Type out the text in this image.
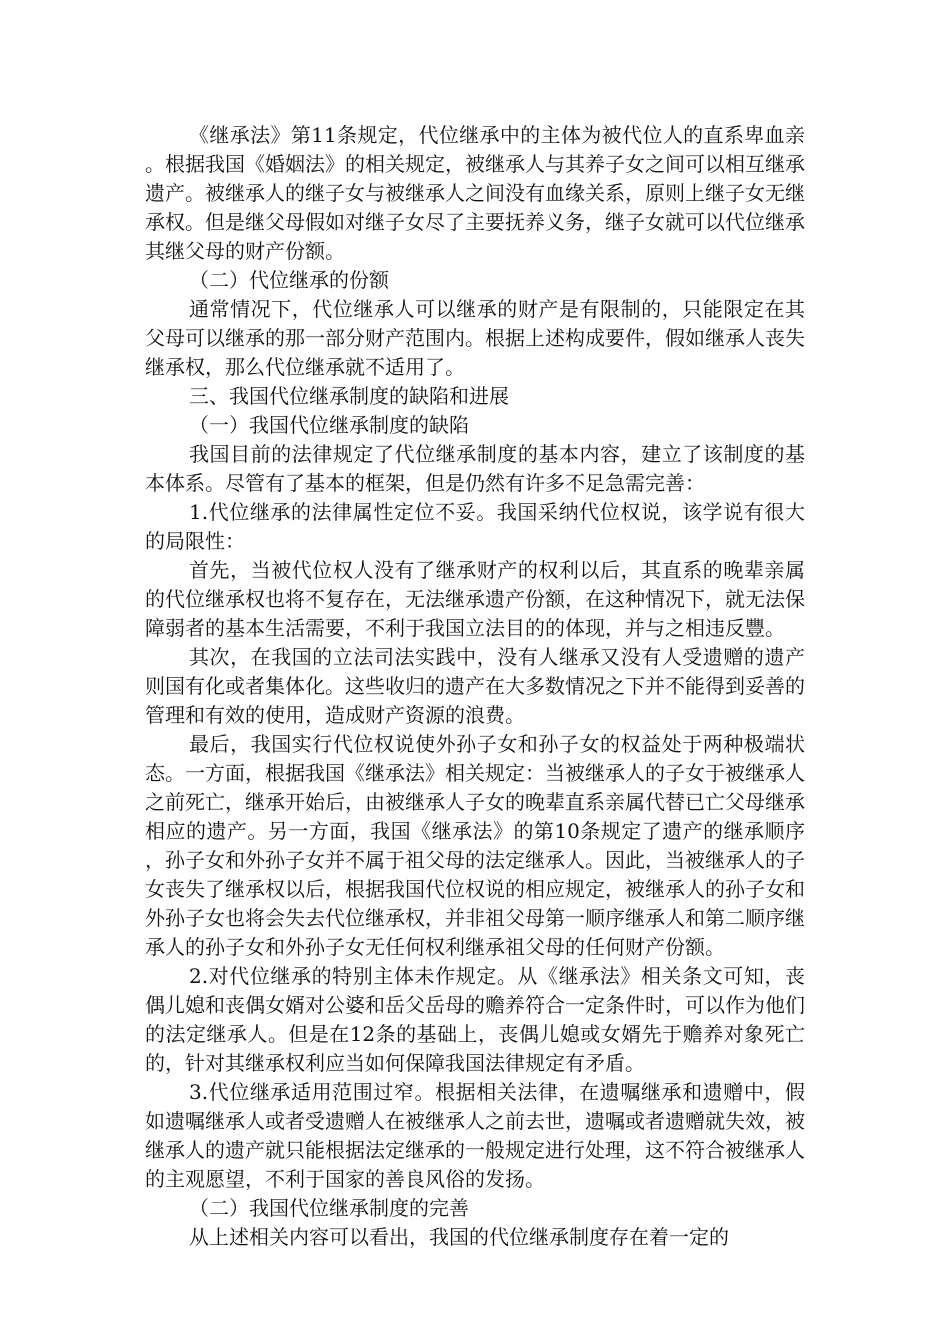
《继承法》第11条规定，代位继承中的主体为被代位人的直系卑血亲。根据我国《婚姻法》的相关规定，被继承人与其养子女之间可以相互继承遗产。被继承人的继子女与被继承人之间没有血缘关系，原则上继子女无继承权。但是继父母假如对继子女尽了主要抚养义务，继子女就可以代位继承其继父母的财产份额。

（二）代位继承的份额

通常情况下，代位继承人可以继承的财产是有限制的，只能限定在其父母可以继承的那一部分财产范围内。根据上述构成要件，假如继承人丧失继承权，那么代位继承就不适用了。

三、我国代位继承制度的缺陷和进展

（一）我国代位继承制度的缺陷

我国目前的法律规定了代位继承制度的基本内容，建立了该制度的基本体系。尽管有了基本的框架，但是仍然有许多不足急需完善：

1.代位继承的法律属性定位不妥。我国采纳代位权说，该学说有很大的局限性：

首先，当被代位权人没有了继承财产的权利以后，其直系的晚辈亲属的代位继承权也将不复存在，无法继承遗产份额，在这种情况下，就无法保障弱者的基本生活需要，不利于我国立法目的的体现，并与之相违反豐。

其次，在我国的立法司法实践中，没有人继承又没有人受遗赠的遗产则国有化或者集体化。这些收归的遗产在大多数情况之下并不能得到妥善的管理和有效的使用，造成财产资源的浪费。

最后，我国实行代位权说使外孙子女和孙子女的权益处于两种极端状态。一方面，根据我国《继承法》相关规定：当被继承人的子女于被继承人之前死亡，继承开始后，由被继承人子女的晚辈直系亲属代替已亡父母继承相应的遗产。另一方面，我国《继承法》的第10条规定了遗产的继承顺序，孙子女和外孙子女并不属于祖父母的法定继承人。因此，当被继承人的子女丧失了继承权以后，根据我国代位权说的相应规定，被继承人的孙子女和外孙子女也将会失去代位继承权，并非祖父母第一顺序继承人和第二顺序继承人的孙子女和外孙子女无任何权利继承祖父母的任何财产份额。

2.对代位继承的特别主体未作规定。从《继承法》相关条文可知，丧偶儿媳和丧偶女婿对公婆和岳父岳母的赡养符合一定条件时，可以作为他们的法定继承人。但是在12条的基础上，丧偶儿媳或女婿先于赡养对象死亡的，针对其继承权利应当如何保障我国法律规定有矛盾。

3.代位继承适用范围过窄。根据相关法律，在遗嘱继承和遗赠中，假如遗嘱继承人或者受遗赠人在被继承人之前去世，遗嘱或者遗赠就失效，被继承人的遗产就只能根据法定继承的一般规定进行处理，这不符合被继承人的主观愿望，不利于国家的善良风俗的发扬。

（二）我国代位继承制度的完善

从上述相关内容可以看出，我国的代位继承制度存在着一定的
